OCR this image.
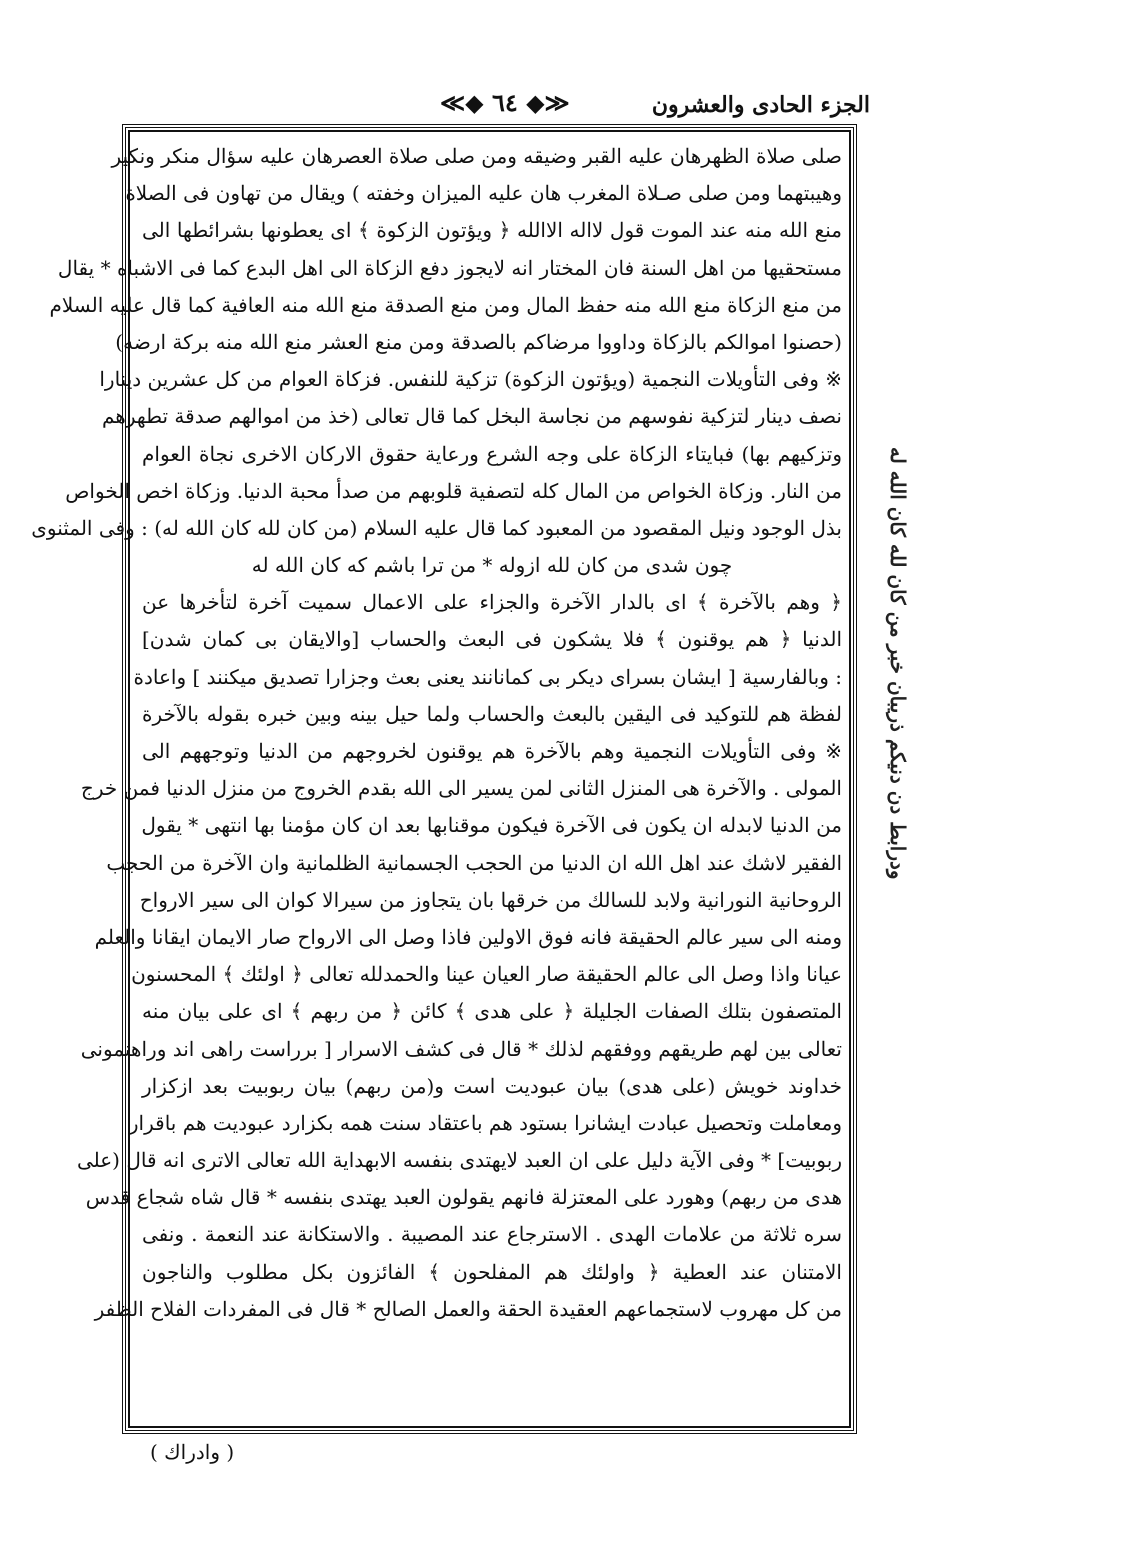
الجزء الحادى والعشرون
≪◆ ٦٤ ◆≫
صلى صلاة الظهرهان عليه القبر وضيقه ومن صلى صلاة العصرهان عليه سؤال منكر ونكير
وهيبتهما ومن صلى صـلاة المغرب هان عليه الميزان وخفته ) ويقال من تهاون فى الصلاة
منع الله منه عند الموت قول لااله الاالله ﴿ ويؤتون الزكوة ﴾ اى يعطونها بشرائطها الى
مستحقيها من اهل السنة فان المختار انه لايجوز دفع الزكاة الى اهل البدع كما فى الاشباه * يقال
من منع الزكاة منع الله منه حفظ المال ومن منع الصدقة منع الله منه العافية كما قال عليه السلام
(حصنوا اموالكم بالزكاة وداووا مرضاكم بالصدقة ومن منع العشر منع الله منه بركة ارضه)
※ وفى التأويلات النجمية (ويؤتون الزكوة) تزكية للنفس. فزكاة العوام من كل عشرين دينارا
نصف دينار لتزكية نفوسهم من نجاسة البخل كما قال تعالى (خذ من اموالهم صدقة تطهرهم
وتزكيهم بها) فبايتاء الزكاة على وجه الشرع ورعاية حقوق الاركان الاخرى نجاة العوام
من النار. وزكاة الخواص من المال كله لتصفية قلوبهم من صدأ محبة الدنيا. وزكاة اخص الخواص
بذل الوجود ونيل المقصود من المعبود كما قال عليه السلام (من كان لله كان الله له) : وفى المثنوى
چون شدى من كان لله ازوله * من ترا باشم كه كان الله له
﴿ وهم بالآخرة ﴾ اى بالدار الآخرة والجزاء على الاعمال سميت آخرة لتأخرها عن
الدنيا ﴿ هم يوقنون ﴾ فلا يشكون فى البعث والحساب [والايقان بى كمان شدن]
: وبالفارسية [ ايشان بسراى ديكر بى كمانانند يعنى بعث وجزارا تصديق ميكنند ] واعادة
لفظة هم للتوكيد فى اليقين بالبعث والحساب ولما حيل بينه وبين خبره بقوله بالآخرة
※ وفى التأويلات النجمية وهم بالآخرة هم يوقنون لخروجهم من الدنيا وتوجههم الى
المولى . والآخرة هى المنزل الثانى لمن يسير الى الله بقدم الخروج من منزل الدنيا فمن خرج
من الدنيا لابدله ان يكون فى الآخرة فيكون موقنابها بعد ان كان مؤمنا بها انتهى * يقول
الفقير لاشك عند اهل الله ان الدنيا من الحجب الجسمانية الظلمانية وان الآخرة من الحجب
الروحانية النورانية ولابد للسالك من خرقها بان يتجاوز من سيرالا كوان الى سير الارواح
ومنه الى سير عالم الحقيقة فانه فوق الاولين فاذا وصل الى الارواح صار الايمان ايقانا والعلم
عيانا واذا وصل الى عالم الحقيقة صار العيان عينا والحمدلله تعالى ﴿ اولئك ﴾ المحسنون
المتصفون بتلك الصفات الجليلة ﴿ على هدى ﴾ كائن ﴿ من ربهم ﴾ اى على بيان منه
تعالى بين لهم طريقهم ووفقهم لذلك * قال فى كشف الاسرار [ برراست راهى اند وراهنمونى
خداوند خويش (على هدى) بيان عبوديت است و(من ربهم) بيان ربوبيت بعد ازكزار
ومعاملت وتحصيل عبادت ايشانرا بستود هم باعتقاد سنت همه بكزارد عبوديت هم باقرار
ربوبيت] * وفى الآية دليل على ان العبد لايهتدى بنفسه الابهداية الله تعالى الاترى انه قال (على
هدى من ربهم) وهورد على المعتزلة فانهم يقولون العبد يهتدى بنفسه * قال شاه شجاع قدس
سره ثلاثة من علامات الهدى . الاسترجاع عند المصيبة . والاستكانة عند النعمة . ونفى
الامتنان عند العطية ﴿ واولئك هم المفلحون ﴾ الفائزون بكل مطلوب والناجون
من كل مهروب لاستجماعهم العقيدة الحقة والعمل الصالح * قال فى المفردات الفلاح الظفر
ودرابط دن دنيكم ذريبان خبر من كان لله كان الله له
( وادراك )
